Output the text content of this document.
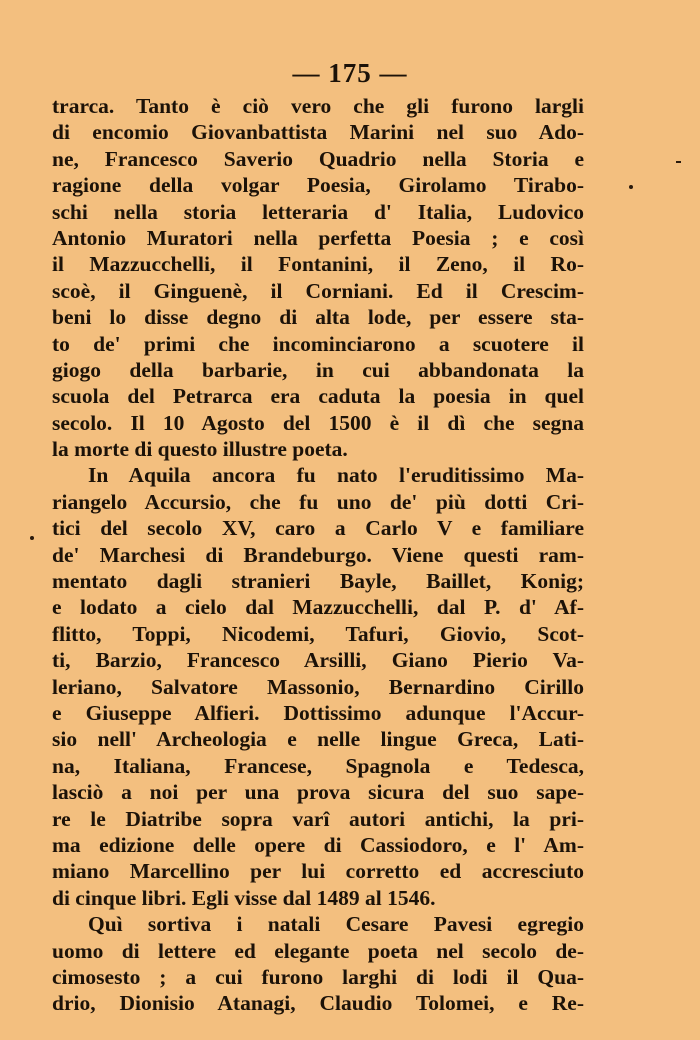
— 175 —
trarca. Tanto è ciò vero che gli furono largli
di encomio Giovanbattista Marini nel suo Ado-
ne, Francesco Saverio Quadrio nella Storia e
ragione della volgar Poesia, Girolamo Tirabo-
schi nella storia letteraria d' Italia, Ludovico
Antonio Muratori nella perfetta Poesia ; e così
il Mazzucchelli, il Fontanini, il Zeno, il Ro-
scoè, il Ginguenè, il Corniani. Ed il Crescim-
beni lo disse degno di alta lode, per essere sta-
to de' primi che incominciarono a scuotere il
giogo della barbarie, in cui abbandonata la
scuola del Petrarca era caduta la poesia in quel
secolo. Il 10 Agosto del 1500 è il dì che segna
la morte di questo illustre poeta.
In Aquila ancora fu nato l'eruditissimo Ma-
riangelo Accursio, che fu uno de' più dotti Cri-
tici del secolo XV, caro a Carlo V e familiare
de' Marchesi di Brandeburgo. Viene questi ram-
mentato dagli stranieri Bayle, Baillet, Konig;
e lodato a cielo dal Mazzucchelli, dal P. d' Af-
flitto, Toppi, Nicodemi, Tafuri, Giovio, Scot-
ti, Barzio, Francesco Arsilli, Giano Pierio Va-
leriano, Salvatore Massonio, Bernardino Cirillo
e Giuseppe Alfieri. Dottissimo adunque l'Accur-
sio nell' Archeologia e nelle lingue Greca, Lati-
na, Italiana, Francese, Spagnola e Tedesca,
lasciò a noi per una prova sicura del suo sape-
re le Diatribe sopra varî autori antichi, la pri-
ma edizione delle opere di Cassiodoro, e l' Am-
miano Marcellino per lui corretto ed accresciuto
di cinque libri. Egli visse dal 1489 al 1546.
Quì sortiva i natali Cesare Pavesi egregio
uomo di lettere ed elegante poeta nel secolo de-
cimosesto ; a cui furono larghi di lodi il Qua-
drio, Dionisio Atanagi, Claudio Tolomei, e Re-
